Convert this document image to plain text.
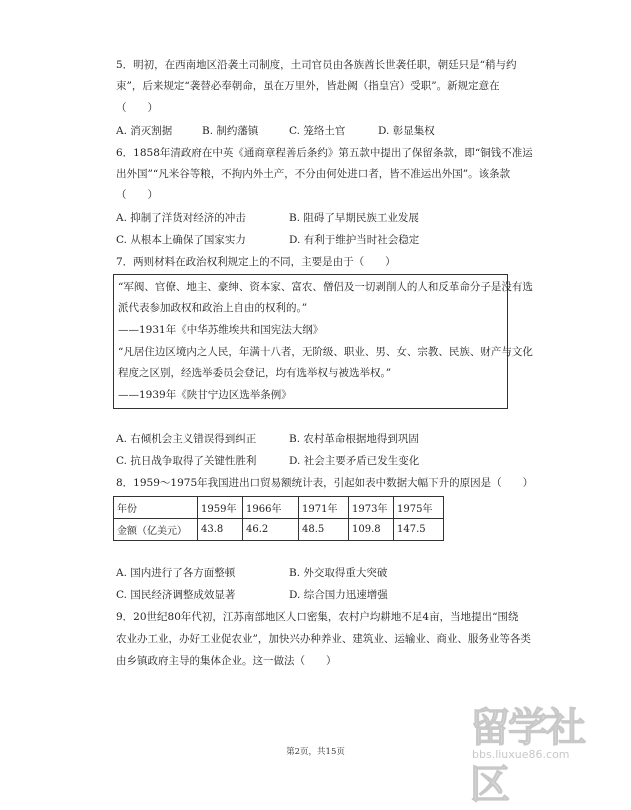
5．明初，在西南地区沿袭土司制度，土司官员由各族酋长世袭任职，朝廷只是“稍与约
束”，后来规定“袭替必奉朝命，虽在万里外，皆赴阙（指皇宫）受职”。新规定意在
（　　）
A. 消灭割据	B. 制约藩镇	C. 笼络土官	D. 彰显集权
6．1858年清政府在中英《通商章程善后条约》第五款中提出了保留条款，即“铜钱不准运
出外国”“凡米谷等粮，不拘内外土产，不分由何处进口者，皆不准运出外国”。该条款
（　　）
A. 抑制了洋货对经济的冲击	B. 阻碍了早期民族工业发展
C. 从根本上确保了国家实力	D. 有利于维护当时社会稳定
7．两则材料在政治权利规定上的不同，主要是由于（　　）
“军阀、官僚、地主、豪绅、资本家、富农、僧侣及一切剥削人的人和反革命分子是没有选
派代表参加政权和政治上自由的权利的。”
——1931年《中华苏维埃共和国宪法大纲》
“凡居住边区境内之人民，年满十八者，无阶级、职业、男、女、宗教、民族、财产与文化
程度之区别，经选举委员会登记，均有选举权与被选举权。”
——1939年《陕甘宁边区选举条例》
A. 右倾机会主义错误得到纠正	B. 农村革命根据地得到巩固
C. 抗日战争取得了关键性胜利	D. 社会主要矛盾已发生变化
8．1959～1975年我国进出口贸易额统计表，引起如表中数据大幅下升的原因是（　　）
年份	1959年	1966年	1971年	1973年	1975年
金额（亿美元）	43.8	46.2	48.5	109.8	147.5
A. 国内进行了各方面整顿	B. 外交取得重大突破
C. 国民经济调整成效显著	D. 综合国力迅速增强
9．20世纪80年代初，江苏南部地区人口密集，农村户均耕地不足4亩，当地提出“围绕
农业办工业，办好工业促农业”，加快兴办种养业、建筑业、运输业、商业、服务业等各类
由乡镇政府主导的集体企业。这一做法（　　）
第2页，共15页
留学社区
bbs.liuxue86.com
